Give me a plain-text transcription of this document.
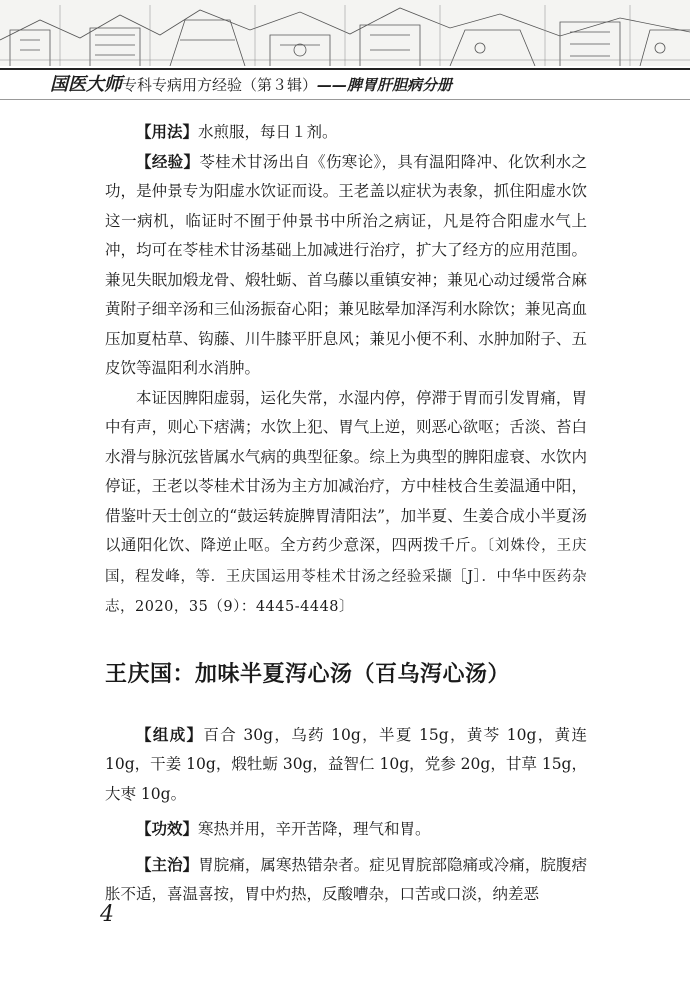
国医大师专科专病用方经验（第３辑）——脾胃肝胆病分册

【用法】水煎服，每日１剂。

【经验】苓桂术甘汤出自《伤寒论》，具有温阳降冲、化饮利水之功，是仲景专为阳虚水饮证而设。王老盖以症状为表象，抓住阳虚水饮这一病机，临证时不囿于仲景书中所治之病证，凡是符合阳虚水气上冲，均可在苓桂术甘汤基础上加减进行治疗，扩大了经方的应用范围。兼见失眠加煅龙骨、煅牡蛎、首乌藤以重镇安神；兼见心动过缓常合麻黄附子细辛汤和三仙汤振奋心阳；兼见眩晕加泽泻利水除饮；兼见高血压加夏枯草、钩藤、川牛膝平肝息风；兼见小便不利、水肿加附子、五皮饮等温阳利水消肿。

本证因脾阳虚弱，运化失常，水湿内停，停滞于胃而引发胃痛，胃中有声，则心下痞满；水饮上犯、胃气上逆，则恶心欲呕；舌淡、苔白水滑与脉沉弦皆属水气病的典型征象。综上为典型的脾阳虚衰、水饮内停证，王老以苓桂术甘汤为主方加减治疗，方中桂枝合生姜温通中阳，借鉴叶天士创立的“鼓运转旋脾胃清阳法”，加半夏、生姜合成小半夏汤以通阳化饮、降逆止呕。全方药少意深，四两拨千斤。〔刘姝伶，王庆国，程发峰，等．王庆国运用苓桂术甘汤之经验采撷［J］．中华中医药杂志，2020，35（9）：4445-4448〕

王庆国：加味半夏泻心汤（百乌泻心汤）

【组成】百合 30g，乌药 10g，半夏 15g，黄芩 10g，黄连 10g，干姜 10g，煅牡蛎 30g，益智仁 10g，党参 20g，甘草 15g，大枣 10g。

【功效】寒热并用，辛开苦降，理气和胃。

【主治】胃脘痛，属寒热错杂者。症见胃脘部隐痛或冷痛，脘腹痞胀不适，喜温喜按，胃中灼热，反酸嘈杂，口苦或口淡，纳差恶

4
